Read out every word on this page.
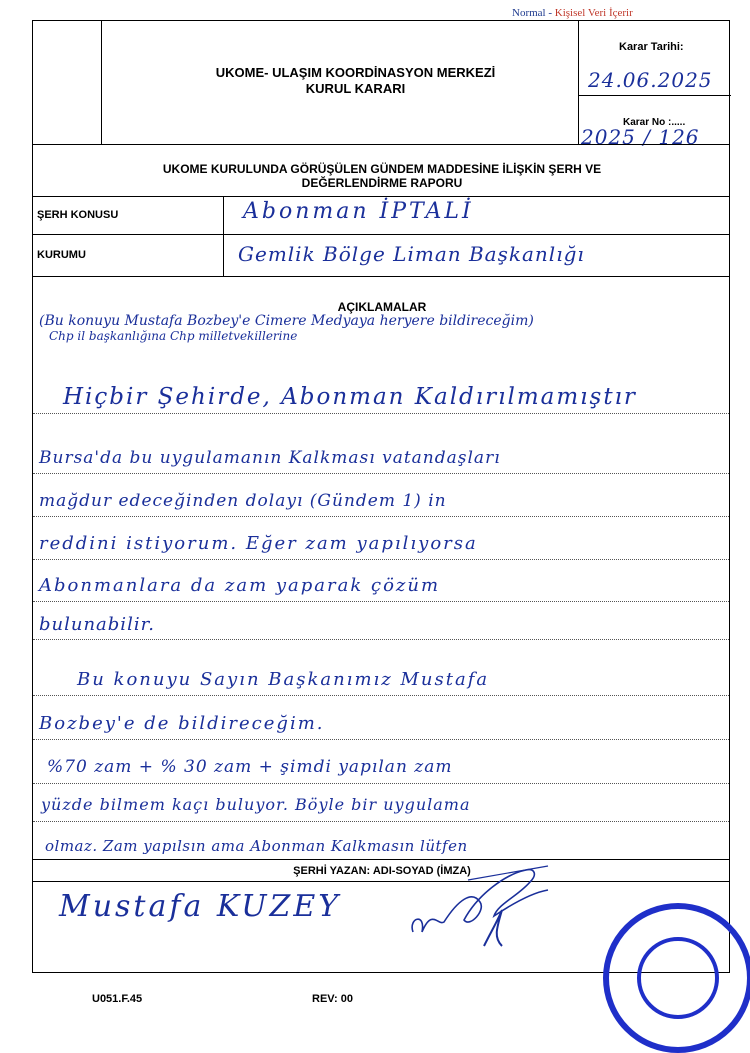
Normal - Kişisel Veri İçerir
UKOME- ULAŞIM KOORDİNASYON MERKEZİ
KURUL KARARI
Karar Tarihi:
24.06.2025
Karar No :.....
2025 / 126
UKOME KURULUNDA GÖRÜŞÜLEN GÜNDEM MADDESİNE İLİŞKİN ŞERH VE
DEĞERLENDİRME RAPORU
ŞERH KONUSU	Abonman İPTALİ
KURUMU	Gemlik Bölge Liman Başkanlığı
AÇIKLAMALAR
(Bu konuyu Mustafa Bozbey'e Cimere Medyaya heryere bildireceğim)
Chp il başkanlığına Chp milletvekillerine
Hiçbir Şehirde, Abonman Kaldırılmamıştır
Bursa'da bu uygulamanın Kalkması vatandaşları
mağdur edeceğinden dolayı (Gündem 1) in
reddini istiyorum. Eğer zam yapılıyorsa
Abonmanlara da zam yaparak çözüm
bulunabilir.
Bu konuyu Sayın Başkanımız Mustafa
Bozbey'e de bildireceğim.
%70 zam + % 30 zam + şimdi yapılan zam
yüzde bilmem kaçı buluyor. Böyle bir uygulama
olmaz. Zam yapılsın ama Abonman Kalkmasın lütfen
ŞERHİ YAZAN: ADI-SOYAD (İMZA)
Mustafa KUZEY
U051.F.45	REV: 00
